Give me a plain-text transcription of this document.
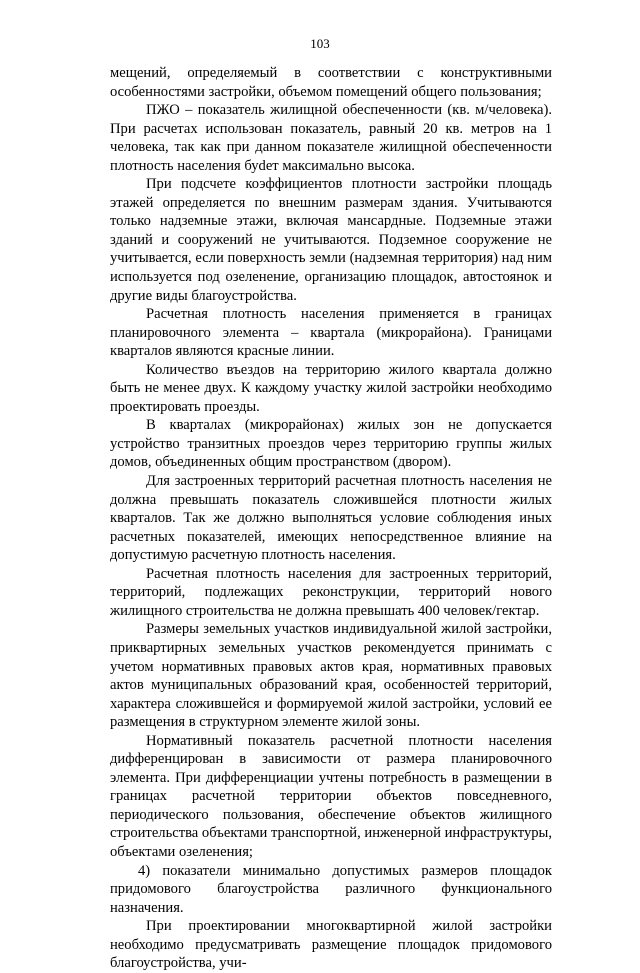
103

мещений, определяемый в соответствии с конструктивными особенностями застройки, объемом помещений общего пользования;

ПЖО – показатель жилищной обеспеченности (кв. м/человека). При расчетах использован показатель, равный 20 кв. метров на 1 человека, так как при данном показателе жилищной обеспеченности плотность населения буdет максимально высока.

При подсчете коэффициентов плотности застройки площадь этажей определяется по внешним размерам здания. Учитываются только надземные этажи, включая мансардные. Подземные этажи зданий и сооружений не учитываются. Подземное сооружение не учитывается, если поверхность земли (надземная территория) над ним используется под озеленение, организацию площадок, автостоянок и другие виды благоустройства.

Расчетная плотность населения применяется в границах планировочного элемента – квартала (микрорайона). Границами кварталов являются красные линии.

Количество въездов на территорию жилого квартала должно быть не менее двух. К каждому участку жилой застройки необходимо проектировать проезды.

В кварталах (микрорайонах) жилых зон не допускается устройство транзитных проездов через территорию группы жилых домов, объединенных общим пространством (двором).

Для застроенных территорий расчетная плотность населения не должна превышать показатель сложившейся плотности жилых кварталов. Так же должно выполняться условие соблюдения иных расчетных показателей, имеющих непосредственное влияние на допустимую расчетную плотность населения.

Расчетная плотность населения для застроенных территорий, территорий, подлежащих реконструкции, территорий нового жилищного строительства не должна превышать 400 человек/гектар.

Размеры земельных участков индивидуальной жилой застройки, приквартирных земельных участков рекомендуется принимать с учетом нормативных правовых актов края, нормативных правовых актов муниципальных образований края, особенностей территорий, характера сложившейся и формируемой жилой застройки, условий ее размещения в структурном элементе жилой зоны.

Нормативный показатель расчетной плотности населения дифференцирован в зависимости от размера планировочного элемента. При дифференциации учтены потребность в размещении в границах расчетной территории объектов повседневного, периодического пользования, обеспечение объектов жилищного строительства объектами транспортной, инженерной инфраструктуры, объектами озеленения;

4) показатели минимально допустимых размеров площадок придомового благоустройства различного функционального назначения.

При проектировании многоквартирной жилой застройки необходимо предусматривать размещение площадок придомового благоустройства, учи-
